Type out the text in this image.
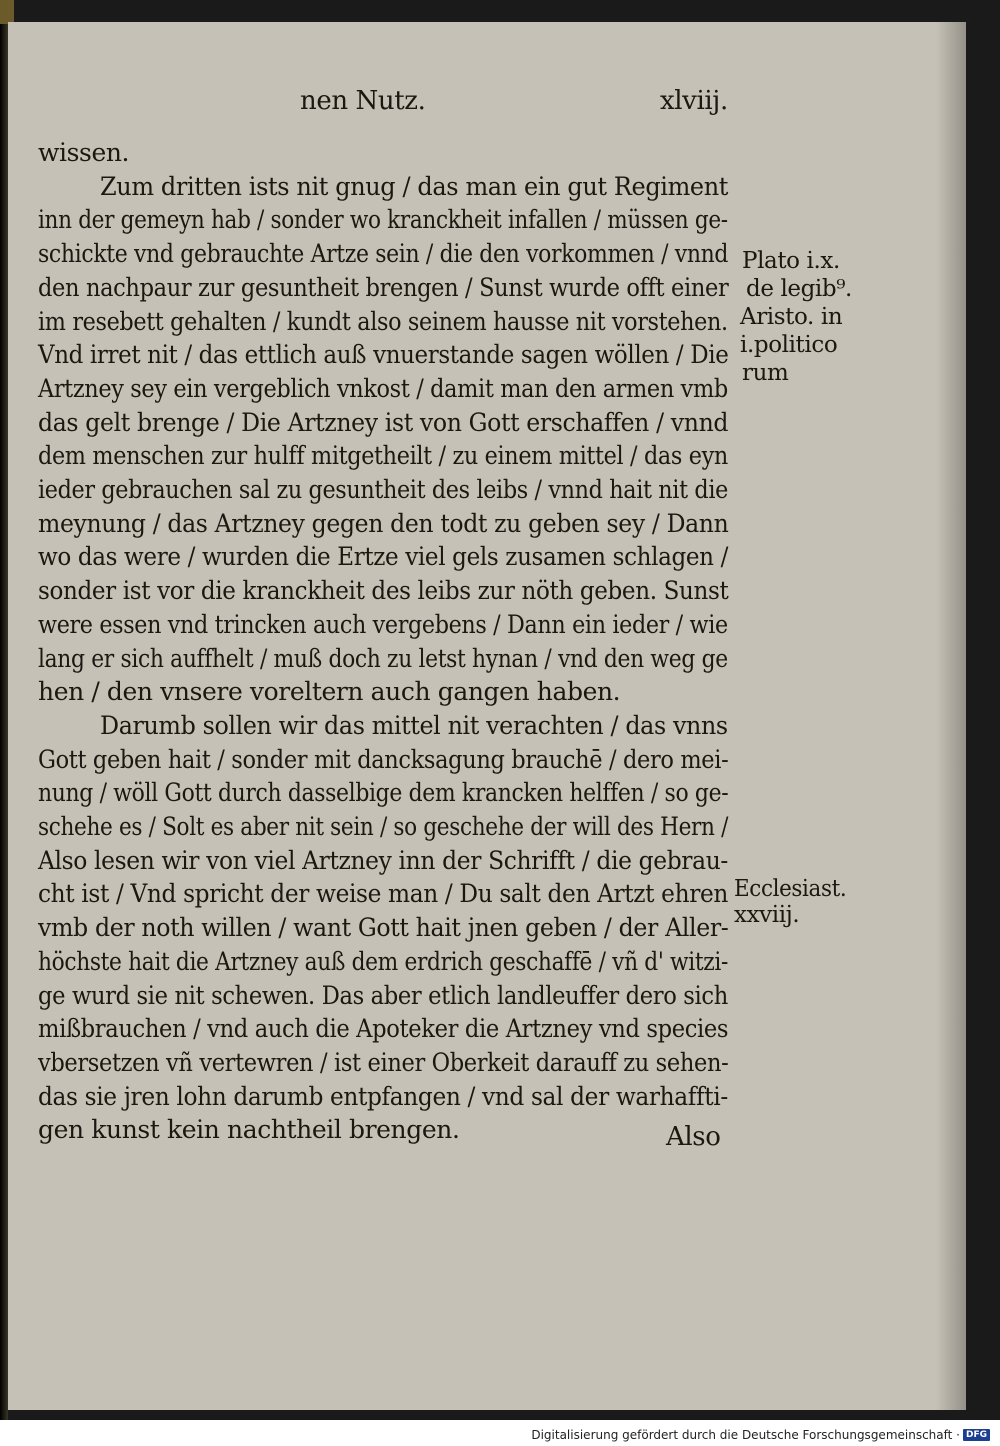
nen Nutz.	xlviij.
wissen.
Zum dritten ists nit gnug / das man ein gut Regiment
inn der gemeyn hab / sonder wo kranckheit infallen / müssen ge-
schickte vnd gebrauchte Artze sein / die den vorkommen / vnnd
den nachpaur zur gesuntheit brengen / Sunst wurde offt einer
im resebett gehalten / kundt also seinem hausse nit vorstehen.
Vnd irret nit / das ettlich auß vnuerstande sagen wöllen / Die
Artzney sey ein vergeblich vnkost / damit man den armen vmb
das gelt brenge / Die Artzney ist von Gott erschaffen / vnnd
dem menschen zur hulff mitgetheilt / zu einem mittel / das eyn
ieder gebrauchen sal zu gesuntheit des leibs / vnnd hait nit die
meynung / das Artzney gegen den todt zu geben sey / Dann
wo das were / wurden die Ertze viel gels zusamen schlagen /
sonder ist vor die kranckheit des leibs zur nöth geben. Sunst
were essen vnd trincken auch vergebens / Dann ein ieder / wie
lang er sich auffhelt / muß doch zu letst hynan / vnd den weg ge
hen / den vnsere voreltern auch gangen haben.
Darumb sollen wir das mittel nit verachten / das vnns
Gott geben hait / sonder mit dancksagung brauchē / dero mei-
nung / wöll Gott durch dasselbige dem krancken helffen / so ge-
schehe es / Solt es aber nit sein / so geschehe der will des Hern /
Also lesen wir von viel Artzney inn der Schrifft / die gebrau-
cht ist / Vnd spricht der weise man / Du salt den Artzt ehren
vmb der noth willen / want Gott hait jnen geben / der Aller-
höchste hait die Artzney auß dem erdrich geschaffē / vñ d' witzi-
ge wurd sie nit schewen. Das aber etlich landleuffer dero sich
mißbrauchen / vnd auch die Apoteker die Artzney vnd species
vbersetzen vñ vertewren / ist einer Oberkeit darauff zu sehen-
das sie jren lohn darumb entpfangen / vnd sal der warhaffti-
gen kunst kein nachtheil brengen.
Plato i.x.
de legib⁹.
Aristo. in
i.politico
rum
Ecclesiast.
xxviij.
Also
Digitalisierung gefördert durch die Deutsche Forschungsgemeinschaft · DFG
